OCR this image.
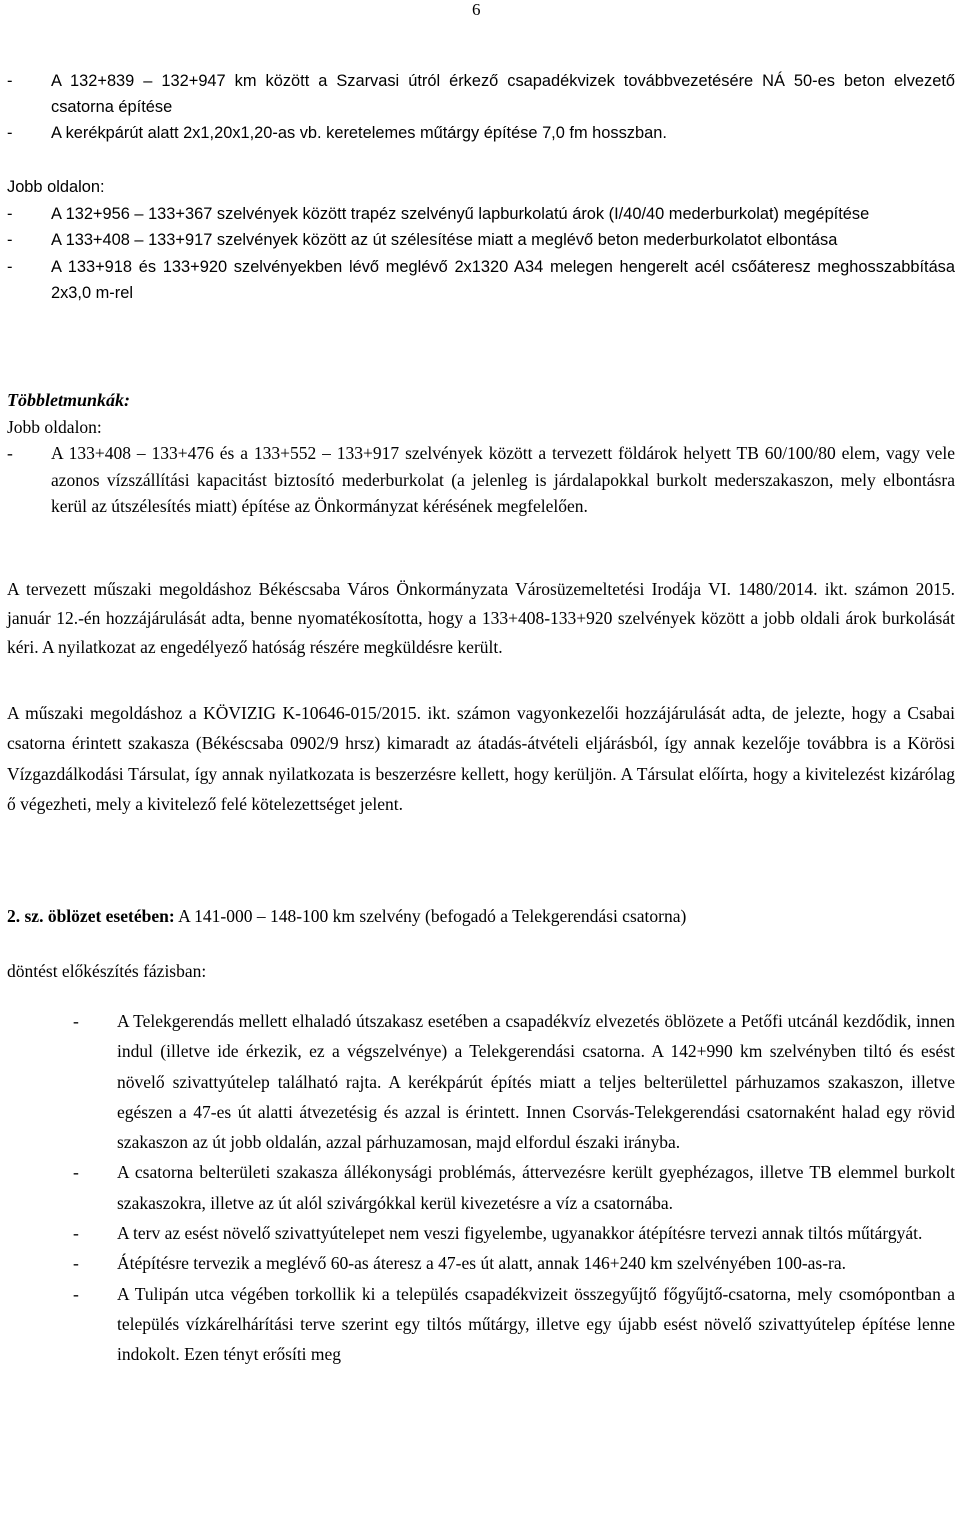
6
-	A 132+839 – 132+947 km között a Szarvasi útról érkező csapadékvizek továbbvezetésére NÁ 50-es beton elvezető csatorna építése
-	A kerékpárút alatt 2x1,20x1,20-as vb. keretelemes műtárgy építése 7,0 fm hosszban.
Jobb oldalon:
-	A 132+956 – 133+367 szelvények között trapéz szelvényű lapburkolatú árok (I/40/40 mederburkolat) megépítése
-	A 133+408 – 133+917 szelvények között az út szélesítése miatt a meglévő beton mederburkolatot elbontása
-	A 133+918 és 133+920 szelvényekben lévő meglévő 2x1320 A34 melegen hengerelt acél csőáteresz meghosszabbítása 2x3,0 m-rel
Többletmunkák:
Jobb oldalon:
-	A 133+408 – 133+476 és a 133+552 – 133+917 szelvények között a tervezett földárok helyett TB 60/100/80 elem, vagy vele azonos vízszállítási kapacitást biztosító mederburkolat (a jelenleg is járdalapokkal burkolt mederszakaszon, mely elbontásra kerül az útszélesítés miatt) építése az Önkormányzat kérésének megfelelően.
A tervezett műszaki megoldáshoz Békéscsaba Város Önkormányzata Városüzemeltetési Irodája VI. 1480/2014. ikt. számon 2015. január 12.-én hozzájárulását adta, benne nyomatékosította, hogy a 133+408-133+920 szelvények között a jobb oldali árok burkolását kéri. A nyilatkozat az engedélyező hatóság részére megküldésre került.
A műszaki megoldáshoz a KÖVIZIG K-10646-015/2015. ikt. számon vagyonkezelői hozzájárulását adta, de jelezte, hogy a Csabai csatorna érintett szakasza (Békéscsaba 0902/9 hrsz) kimaradt az átadás-átvételi eljárásból, így annak kezelője továbbra is a Körösi Vízgazdálkodási Társulat, így annak nyilatkozata is beszerzésre kellett, hogy kerüljön. A Társulat előírta, hogy a kivitelezést kizárólag ő végezheti, mely a kivitelező felé kötelezettséget jelent.
2. sz. öblözet esetében: A 141-000 – 148-100 km szelvény (befogadó a Telekgerendási csatorna)
döntést előkészítés fázisban:
-	A Telekgerendás mellett elhaladó útszakasz esetében a csapadékvíz elvezetés öblözete a Petőfi utcánál kezdődik, innen indul (illetve ide érkezik, ez a végszelvénye) a Telekgerendási csatorna. A 142+990 km szelvényben tiltó és esést növelő szivattyútelep található rajta. A kerékpárút építés miatt a teljes belterülettel párhuzamos szakaszon, illetve egészen a 47-es út alatti átvezetésig és azzal is érintett. Innen Csorvás-Telekgerendási csatornaként halad egy rövid szakaszon az út jobb oldalán, azzal párhuzamosan, majd elfordul északi irányba.
-	A csatorna belterületi szakasza állékonysági problémás, áttervezésre került gyephézagos, illetve TB elemmel burkolt szakaszokra, illetve az út alól szivárgókkal kerül kivezetésre a víz a csatornába.
-	A terv az esést növelő szivattyútelepet nem veszi figyelembe, ugyanakkor átépítésre tervezi annak tiltós műtárgyát.
-	Átépítésre tervezik a meglévő 60-as áteresz a 47-es út alatt, annak 146+240 km szelvényében 100-as-ra.
-	A Tulipán utca végében torkollik ki a település csapadékvizeit összegyűjtő főgyűjtő-csatorna, mely csomópontban a település vízkárelhárítási terve szerint egy tiltós műtárgy, illetve egy újabb esést növelő szivattyútelep építése lenne indokolt. Ezen tényt erősíti meg
